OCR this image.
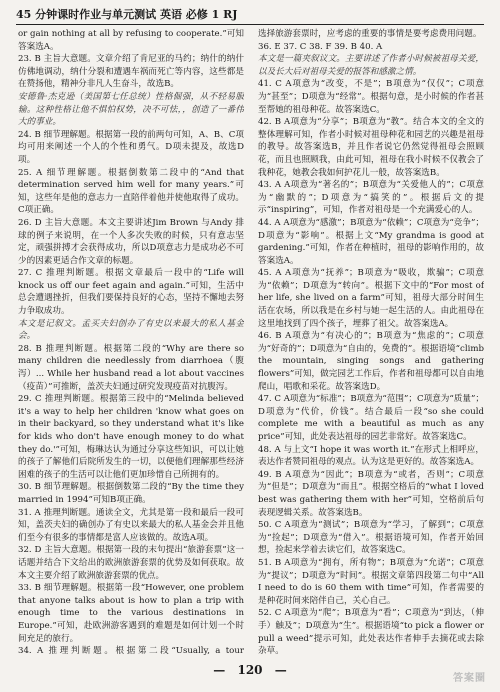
45 分钟课时作业与单元测试 英语 必修 1 RJ

or gain nothing at all by refusing to cooperate.”可知答案选A。

23. B 主旨大意题。文章介绍了肯尼亚的马约；纳什的纳什仿佛地调动，纳什分裂和遭遇车祸而死亡等内容，这些都是在赞扬他，精神分非凡人生奋斗，故选B。

安德鲁·杰克逊（美国第七任总统）性格倔强，从不轻易服输。这种性格让他不惧怕权势，决不可怯，，创造了一番伟大的事业。

24. B 细节理解题。根据第一段的前两句可知，A、B、C项均可用来阐述一个人的个性和勇气。D项未提及，故选D项。

25. A 细节理解题。根据倒数第二段中的“And that determination served him well for many years.”可知，这些年是他的意志力一直陪伴着他并使他取得了成功。C项正确。

26. D 主旨大意题。本文主要讲述Jim Brown 与Andy 排球的例子来说明，在一个人多次失败的时候，只有意志坚定，顽强拼搏才会获得成功，所以D项意志力是成功必不可少的因素更适合作文章的标题。

27. C 推理判断题。根据文章最后一段中的“Life will knock us off our feet again and again.”可知，生活中总会遭遇挫折，但我们要保持良好的心态，坚持不懈地去努力争取成功。

本文是记叙文。孟买夫妇创办了有史以来最大的私人基金会。

28. B 推理判断题。根据第二段的“Why are there so many children die needlessly from diarrhoea（腹泻）... While her husband read a lot about vaccines（疫苗）”可推断，盖茨夫妇通过研究发现疫苗对抗腹泻。

29. C 推理判断题。根据第三段中的“Melinda believed it's a way to help her children 'know what goes on in their backyard, so they understand what it's like for kids who don't have enough money to do what they do.'”可知，梅琳达认为通过分享这些知识，可以让她的孩子了解他们后院所发生的一切，以便他们理解那些经济困难的孩子的生活可以让他们更加珍惜自己所拥有的。

30. B 细节理解题。根据倒数第二段的“By the time they married in 1994”可知B项正确。

31. A 推理判断题。通读全文，尤其是第一段和最后一段可知，盖茨夫妇的确创办了有史以来最大的私人基金会并且他们至今有很多的事情都是富人应该做的。故选A项。

32. D 主旨大意题。根据第一段的末句提出“旅游套票”这一话题并结合下文给出的欧洲旅游套票的优势及如何获取。故本文主要介绍了欧洲旅游套票的优点。

33. B 细节理解题。根据第一段“However, one problem that anyone talks about is how to plan a trip with enough time to the various destinations in Europe.”可知，赴欧洲游客遇到的难题是如何计划一个时间充足的旅行。

34. A 推理判断题。根据第二段“Usually, a tour

选择旅游套票时，应考虑的重要的事情是要考虑费用问题。

36. E 37. C 38. F 39. B 40. A

本文是一篇夹叙议文。主要讲述了作者小时候被祖母关爱，以及长大后对祖母关爱的报答和感激之情。

41. C A项意为“改变，不是”；B项意为“仅仅”；C项意为“甚至”；D项意为“经常”。根据句意，是小时候的作者甚至帮她的祖母种花。故答案选C。

42. B A项意为“分享”；B项意为“教”。结合本文的全文的整体理解可知，作者小时候对祖母种花和园艺的兴趣是祖母的教导。故答案选B，并且作者说它仍然觉得祖母会照顾花，而且也照顾我，由此可知，祖母在我小时候不仅教会了我种花，她教会我如何护花儿一般，故答案选B。

43. A A项意为“著名的”；B项意为“关爱他人的”；C项意为“幽默的”；D项意为“搞笑的”。根据后文的提示“inspiring”，可知，作者对祖母是一个充满爱心的人。

44. A A项意为“感激”；B项意为“依赖”；C项意为“竞争”；D项意为“影响”。根据上文“My grandma is good at gardening.”可知，作者在种植时，祖母的影响作用的，故答案选A。

45. A A项意为“抚养”；B项意为“吸收，欺骗”；C项意为“依赖”；D项意为“转向”。根据下文中的“For most of her life, she lived on a farm”可知，祖母大部分时间生活在农场，所以我是在乡村与她一起生活的人。由此祖母在这里地找到了四个孩子，埋葬了祖父。故答案选A。

46. B A项意为“有决心的”；B项意为“焦虑的”；C项意为“好奇的”；D项意为“自由的，免费的”。根据语境“climb the mountain, singing songs and gathering flowers”可知，做完园艺工作后，作者和祖母都可以自由地爬山，唱歌和采花。故答案选D。

47. C A项意为“标准”；B项意为“范围”；C项意为“质量”；D项意为“代价，价钱”。结合最后一段“so she could complete me with a beautiful as much as any price”可知，此处表达祖母的园艺非常好。故答案选C。

48. A 与上文“I hope it was worth it.”在形式上相呼应，表达作者赞同祖母的观点。认为这是更好的。故答案选A。

49. B A项意为“因此”；B项意为“或者，否则”；C项意为“但是”；D项意为“而且”。根据空格后的“what I loved best was gathering them with her”可知，空格前后句表现逻辑关系。故答案选B。

50. C A项意为“测试”；B项意为“学习，了解到”；C项意为“捡起”；D项意为“借入”。根据语境可知，作者开始回想，捡起来学着去读它们，故答案选C。

51. B A项意为“拥有，所有物”；B项意为“允诺”；C项意为“提议”；D项意为“时间”。根据文章第四段第二句中“All I need to do is 60 them with time”可知，作者需要的是种花时间来陪伴自己，关心自己。

52. C A项意为“爬”；B项意为“看”；C项意为“到达，（伸手）触及”；D项意为“生”。根据语境“to pick a flower or pull a weed”提示可知，此处表达作者伸手去摘花或去除杂草。

— 120 —
答案圈
